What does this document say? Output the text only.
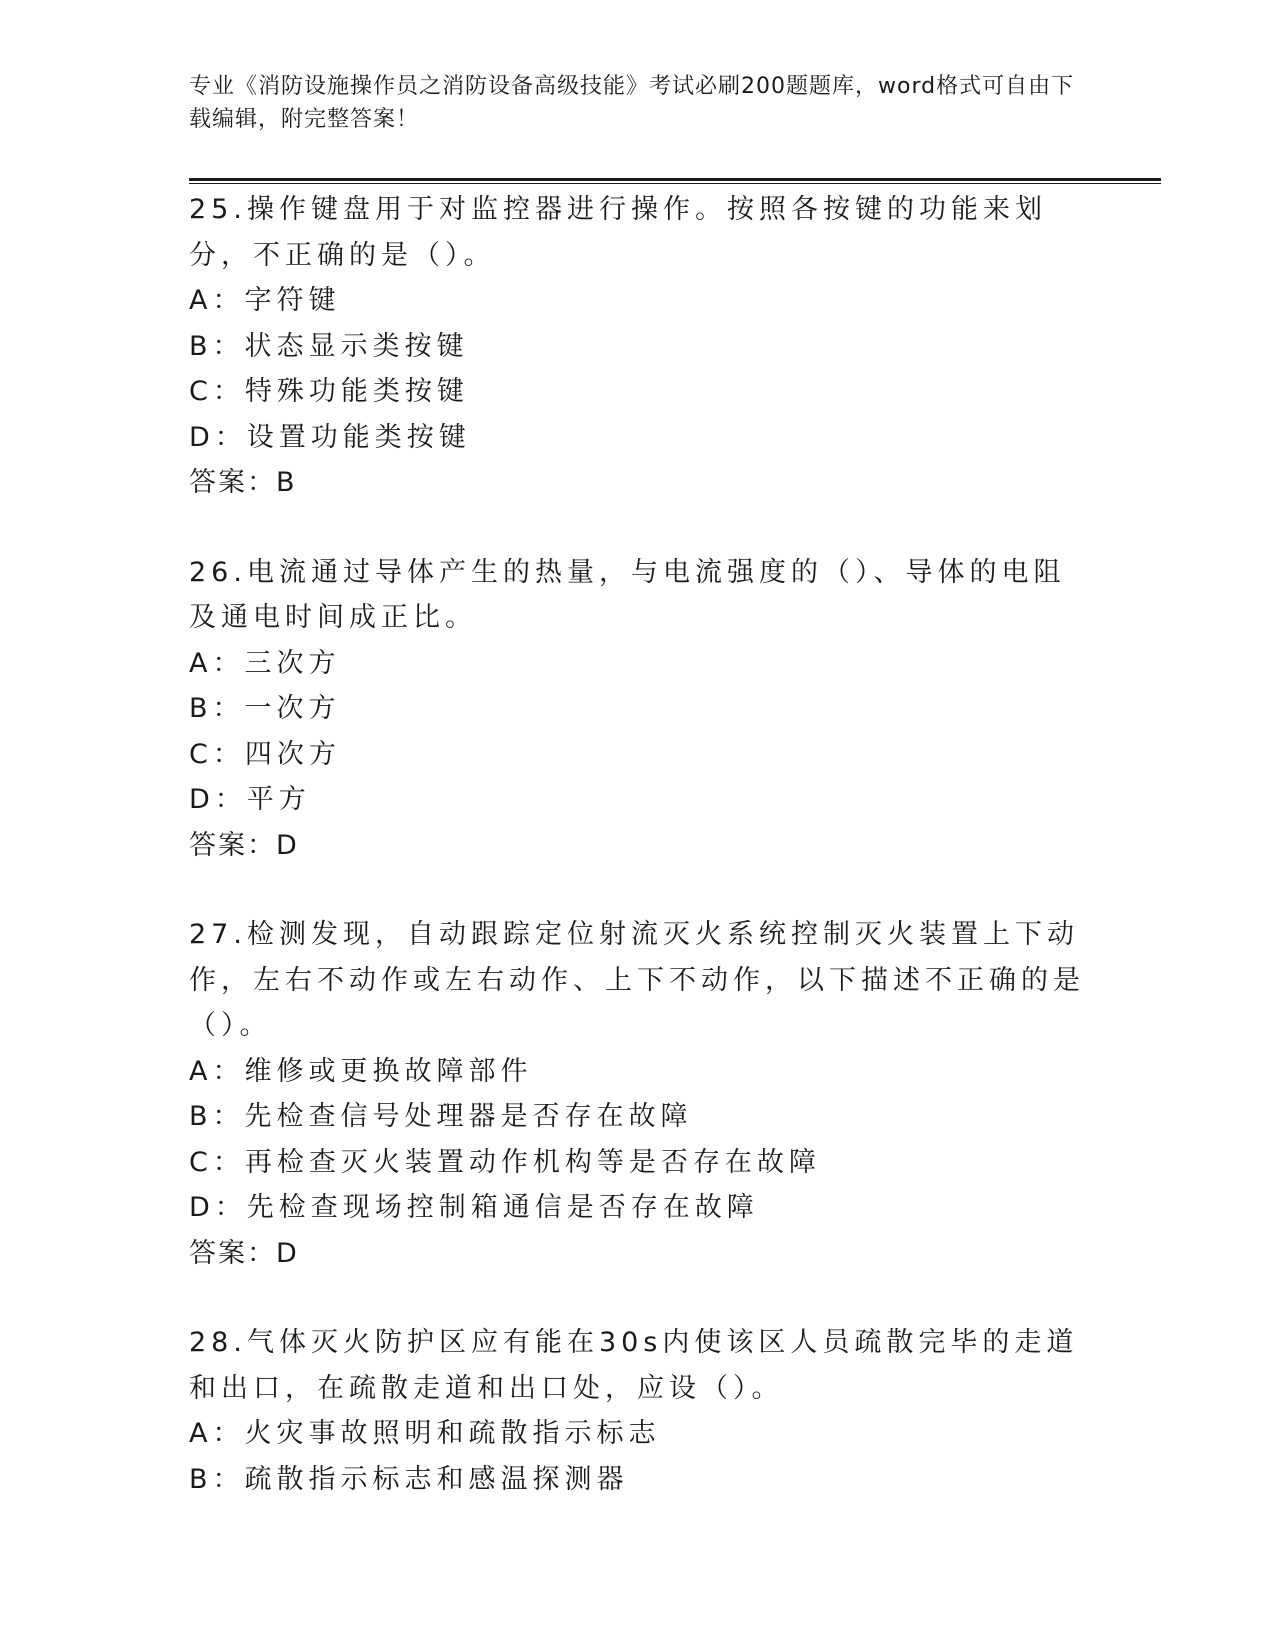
专业《消防设施操作员之消防设备高级技能》考试必刷200题题库，word格式可自由下载编辑，附完整答案！

25.操作键盘用于对监控器进行操作。按照各按键的功能来划分，不正确的是（）。

A：字符键

B：状态显示类按键

C：特殊功能类按键

D：设置功能类按键

答案：B

26.电流通过导体产生的热量，与电流强度的（）、导体的电阻及通电时间成正比。

A：三次方

B：一次方

C：四次方

D：平方

答案：D

27.检测发现，自动跟踪定位射流灭火系统控制灭火装置上下动作，左右不动作或左右动作、上下不动作，以下描述不正确的是（）。

A：维修或更换故障部件

B：先检查信号处理器是否存在故障

C：再检查灭火装置动作机构等是否存在故障

D：先检查现场控制箱通信是否存在故障

答案：D

28.气体灭火防护区应有能在30s内使该区人员疏散完毕的走道和出口，在疏散走道和出口处，应设（）。

A：火灾事故照明和疏散指示标志

B：疏散指示标志和感温探测器
